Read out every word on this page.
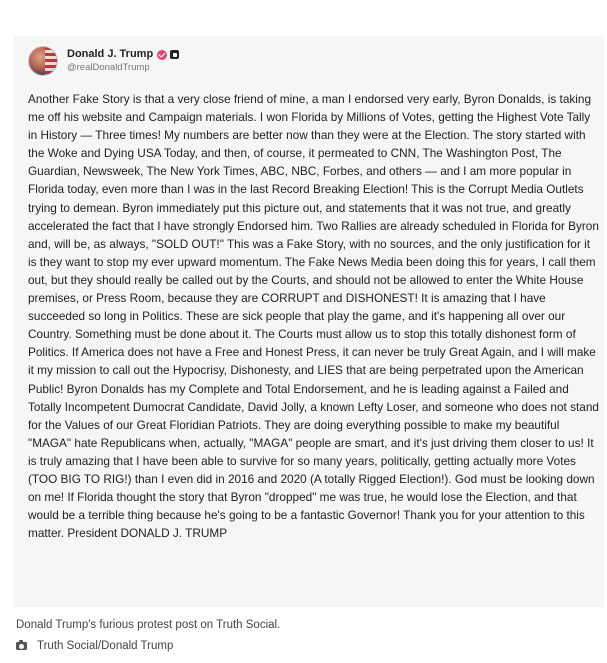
Donald J. Trump
@realDonaldTrump
Another Fake Story is that a very close friend of mine, a man I endorsed very early, Byron Donalds, is taking me off his website and Campaign materials. I won Florida by Millions of Votes, getting the Highest Vote Tally in History — Three times! My numbers are better now than they were at the Election. The story started with the Woke and Dying USA Today, and then, of course, it permeated to CNN, The Washington Post, The Guardian, Newsweek, The New York Times, ABC, NBC, Forbes, and others — and I am more popular in Florida today, even more than I was in the last Record Breaking Election! This is the Corrupt Media Outlets trying to demean. Byron immediately put this picture out, and statements that it was not true, and greatly accelerated the fact that I have strongly Endorsed him. Two Rallies are already scheduled in Florida for Byron and, will be, as always, "SOLD OUT!" This was a Fake Story, with no sources, and the only justification for it is they want to stop my ever upward momentum. The Fake News Media been doing this for years, I call them out, but they should really be called out by the Courts, and should not be allowed to enter the White House premises, or Press Room, because they are CORRUPT and DISHONEST! It is amazing that I have succeeded so long in Politics. These are sick people that play the game, and it's happening all over our Country. Something must be done about it. The Courts must allow us to stop this totally dishonest form of Politics. If America does not have a Free and Honest Press, it can never be truly Great Again, and I will make it my mission to call out the Hypocrisy, Dishonesty, and LIES that are being perpetrated upon the American Public! Byron Donalds has my Complete and Total Endorsement, and he is leading against a Failed and Totally Incompetent Dumocrat Candidate, David Jolly, a known Lefty Loser, and someone who does not stand for the Values of our Great Floridian Patriots. They are doing everything possible to make my beautiful "MAGA" hate Republicans when, actually, "MAGA" people are smart, and it's just driving them closer to us! It is truly amazing that I have been able to survive for so many years, politically, getting actually more Votes (TOO BIG TO RIG!) than I even did in 2016 and 2020 (A totally Rigged Election!). God must be looking down on me! If Florida thought the story that Byron "dropped" me was true, he would lose the Election, and that would be a terrible thing because he's going to be a fantastic Governor! Thank you for your attention to this matter. President DONALD J. TRUMP
Donald Trump's furious protest post on Truth Social.
Truth Social/Donald Trump
